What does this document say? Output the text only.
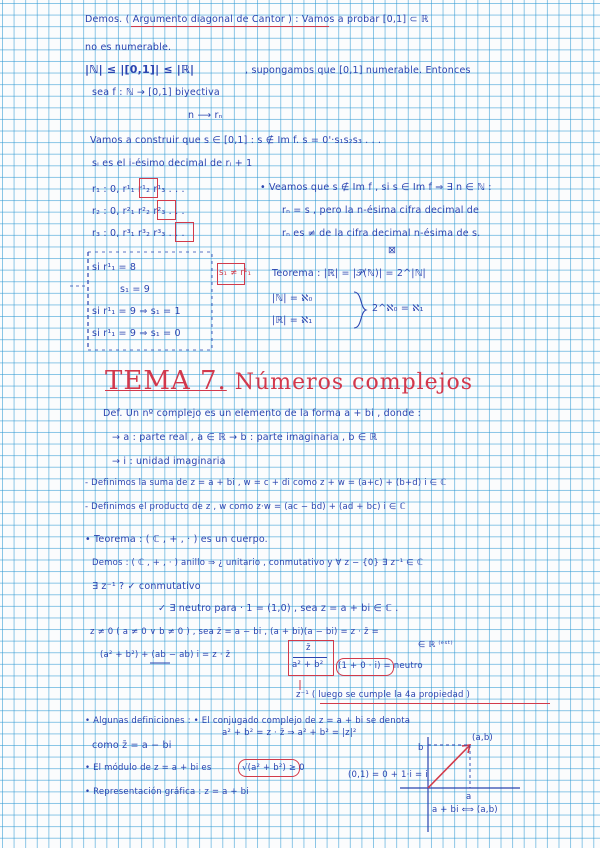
Demos. ( Argumento diagonal de Cantor ) : Vamos a probar [0,1] ⊂ ℝ
no es numerable.
|ℕ| ≤ |[0,1]| ≤ |ℝ|	, supongamos que [0,1] numerable. Entonces
sea f : ℕ → [0,1] biyectiva
n ⟶ rₙ
Vamos a construir que s ∈ [0,1] : s ∉ Im f. s = 0'·s₁s₂s₃ . . .
sᵢ es el i-ésimo decimal de rᵢ + 1
r₁ : 0, r¹₁ r¹₂ r¹₃ . . .
r₂ : 0, r²₁ r²₂ r²₃ . . .
r₃ : 0, r³₁ r³₂ r³₃ . . .
• Veamos que s ∉ Im f , si s ∈ Im f ⇒ ∃ n ∈ ℕ :
rₙ = s , pero la n-ésima cifra decimal de
rₙ es ≠ de la cifra decimal n-ésima de s.
⊠
si r¹₁ = 8
s₁ = 9
si r¹₁ = 9 ⇒ s₁ = 1
si r¹₁ = 9 ⇒ s₁ = 0
s₁ ≠ r¹₁ Teorema : |ℝ| = |𝒫(ℕ)| = 2^|ℕ|
|ℕ| = ℵ₀
|ℝ| = ℵ₁
2^ℵ₀ = ℵ₁
TEMA 7. Números complejos
Def. Un nº complejo es un elemento de la forma a + bi , donde :
→ a : parte real , a ∈ ℝ → b : parte imaginaria , b ∈ ℝ
→ i : unidad imaginaria
- Definimos la suma de z = a + bi , w = c + di como z + w = (a+c) + (b+d) i ∈ ℂ
- Definimos el producto de z , w como z·w = (ac − bd) + (ad + bc) i ∈ ℂ
• Teorema : ( ℂ , + , · ) es un cuerpo.
Demos : ( ℂ , + , · ) anillo ⇒ ¿ unitario , conmutativo y ∀ z − {0} ∃ z⁻¹ ∈ ℂ
∃ z⁻¹ ? ✓ conmutativo
✓ ∃ neutro para · 1 = (1,0) , sea z = a + bi ∈ ℂ .
z ≠ 0 ( a ≠ 0 ∨ b ≠ 0 ) , sea z̄ = a − bi , (a + bi)(a − bi) = z · z̄ =
(a² + b²) + (ab − ab) i = z · z̄
∈ ℝ ⁽ᵉˢᵗ⁾
z̄
a² + b² (1 + 0 · i) = neutro
z⁻¹ ( luego se cumple la 4a propiedad )
• Algunas definiciones : • El conjugado complejo de z = a + bi se denota
como z̄ = a − bi
a² + b² = z · z̄ ⇒ a² + b² = |z|²
• El módulo de z = a + bi es	√(a² + b²) ≥ 0
• Representación gráfica : z = a + bi
(a,b)
(0,1) = 0 + 1·i = i
a
b
a + bi ⟺ (a,b)
